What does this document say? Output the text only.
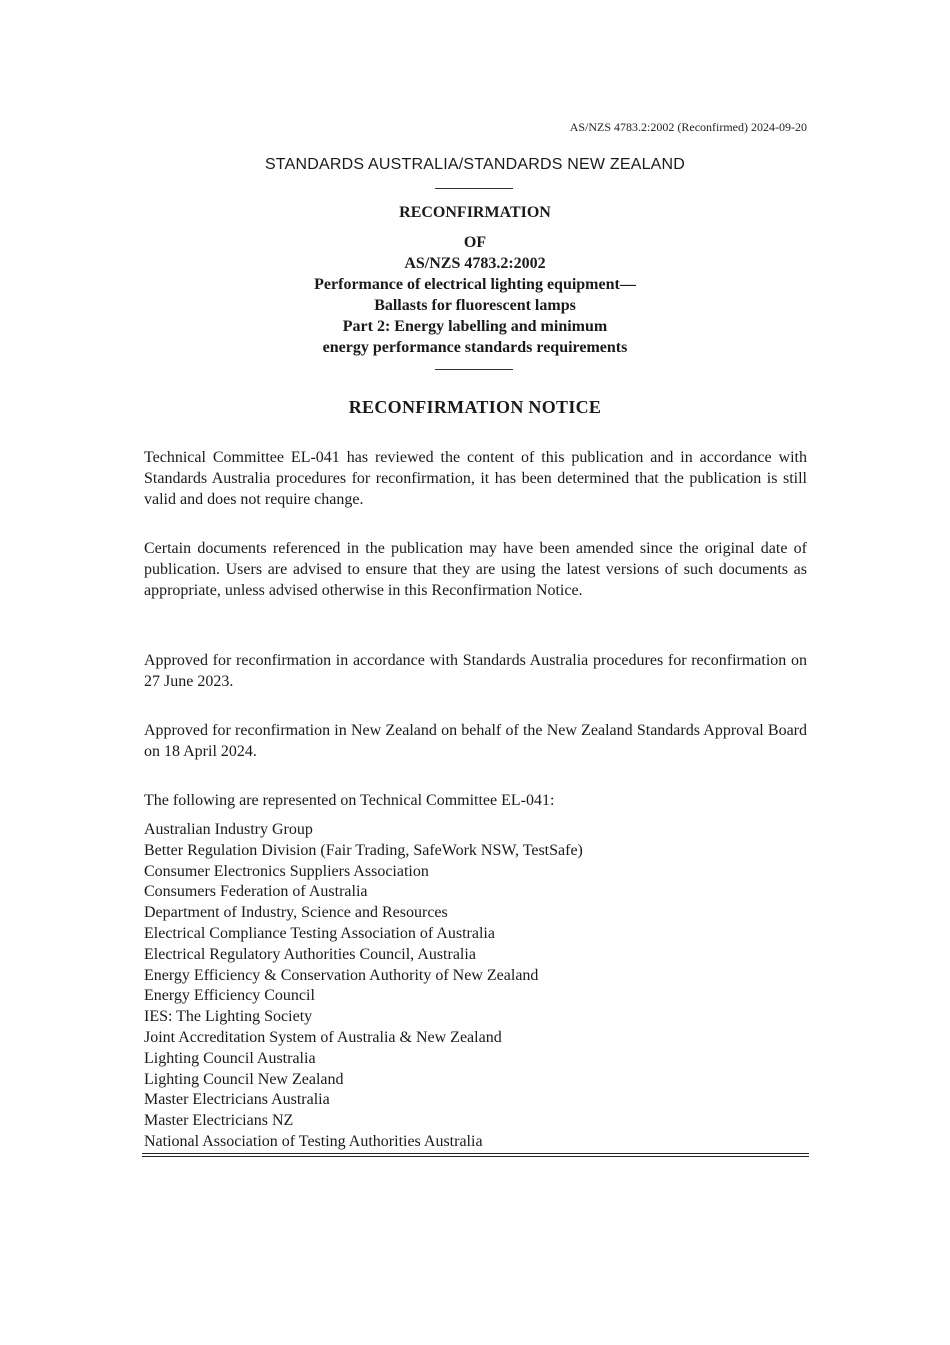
AS/NZS 4783.2:2002 (Reconfirmed) 2024-09-20
STANDARDS AUSTRALIA/STANDARDS NEW ZEALAND
RECONFIRMATION
OF
AS/NZS 4783.2:2002
Performance of electrical lighting equipment—
Ballasts for fluorescent lamps
Part 2: Energy labelling and minimum
energy performance standards requirements
RECONFIRMATION NOTICE

Technical Committee EL-041 has reviewed the content of this publication and in accordance with Standards Australia procedures for reconfirmation, it has been determined that the publication is still valid and does not require change.

Certain documents referenced in the publication may have been amended since the original date of publication. Users are advised to ensure that they are using the latest versions of such documents as appropriate, unless advised otherwise in this Reconfirmation Notice.

Approved for reconfirmation in accordance with Standards Australia procedures for reconfirmation on 27 June 2023.

Approved for reconfirmation in New Zealand on behalf of the New Zealand Standards Approval Board on 18 April 2024.

The following are represented on Technical Committee EL-041:

Australian Industry Group
Better Regulation Division (Fair Trading, SafeWork NSW, TestSafe)
Consumer Electronics Suppliers Association
Consumers Federation of Australia
Department of Industry, Science and Resources
Electrical Compliance Testing Association of Australia
Electrical Regulatory Authorities Council, Australia
Energy Efficiency & Conservation Authority of New Zealand
Energy Efficiency Council
IES: The Lighting Society
Joint Accreditation System of Australia & New Zealand
Lighting Council Australia
Lighting Council New Zealand
Master Electricians Australia
Master Electricians NZ
National Association of Testing Authorities Australia
